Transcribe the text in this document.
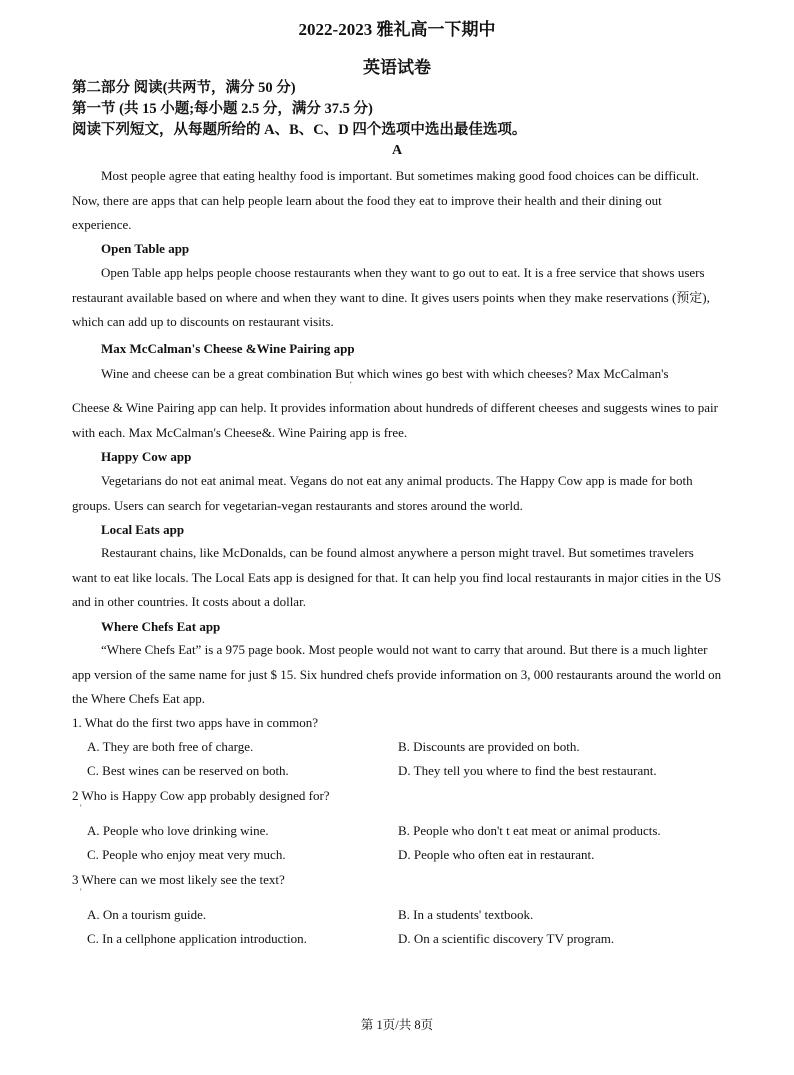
2022-2023 雅礼高一下期中
英语试卷
第二部分 阅读(共两节，满分 50 分)
第一节 (共 15 小题;每小题 2.5 分，满分 37.5 分)
阅读下列短文，从每题所给的 A、B、C、D 四个选项中选出最佳选项。
A

Most people agree that eating healthy food is important. But sometimes making good food choices can be difficult. Now, there are apps that can help people learn about the food they eat to improve their health and their dining out experience.

Open Table app

Open Table app helps people choose restaurants when they want to go out to eat. It is a free service that shows users restaurant available based on where and when they want to dine. It gives users points when they make reservations (预定), which can add up to discounts on restaurant visits.

Max McCalman's Cheese &Wine Pairing app
Wine and cheese can be a great combination But which wines go best with which cheeses? Max McCalman's
'

Cheese & Wine Pairing app can help. It provides information about hundreds of different cheeses and suggests wines to pair with each. Max McCalman's Cheese&. Wine Pairing app is free.

Happy Cow app

Vegetarians do not eat animal meat. Vegans do not eat any animal products. The Happy Cow app is made for both groups. Users can search for vegetarian-vegan restaurants and stores around the world.

Local Eats app

Restaurant chains, like McDonalds, can be found almost anywhere a person might travel. But sometimes travelers want to eat like locals. The Local Eats app is designed for that. It can help you find local restaurants in major cities in the US and in other countries. It costs about a dollar.

Where Chefs Eat app

“Where Chefs Eat” is a 975 page book. Most people would not want to carry that around. But there is a much lighter app version of the same name for just $ 15. Six hundred chefs provide information on 3, 000 restaurants around the world on the Where Chefs Eat app.

1. What do the first two apps have in common?
A. They are both free of charge.	B. Discounts are provided on both.
C. Best wines can be reserved on both.	D. They tell you where to find the best restaurant.
2 Who is Happy Cow app probably designed for?
'
A. People who love drinking wine.	B. People who don't t eat meat or animal products.
C. People who enjoy meat very much.	D. People who often eat in restaurant.
3 Where can we most likely see the text?
'
A. On a tourism guide.	B. In a students' textbook.
C. In a cellphone application introduction.	D. On a scientific discovery TV program.
第 1页/共 8页
